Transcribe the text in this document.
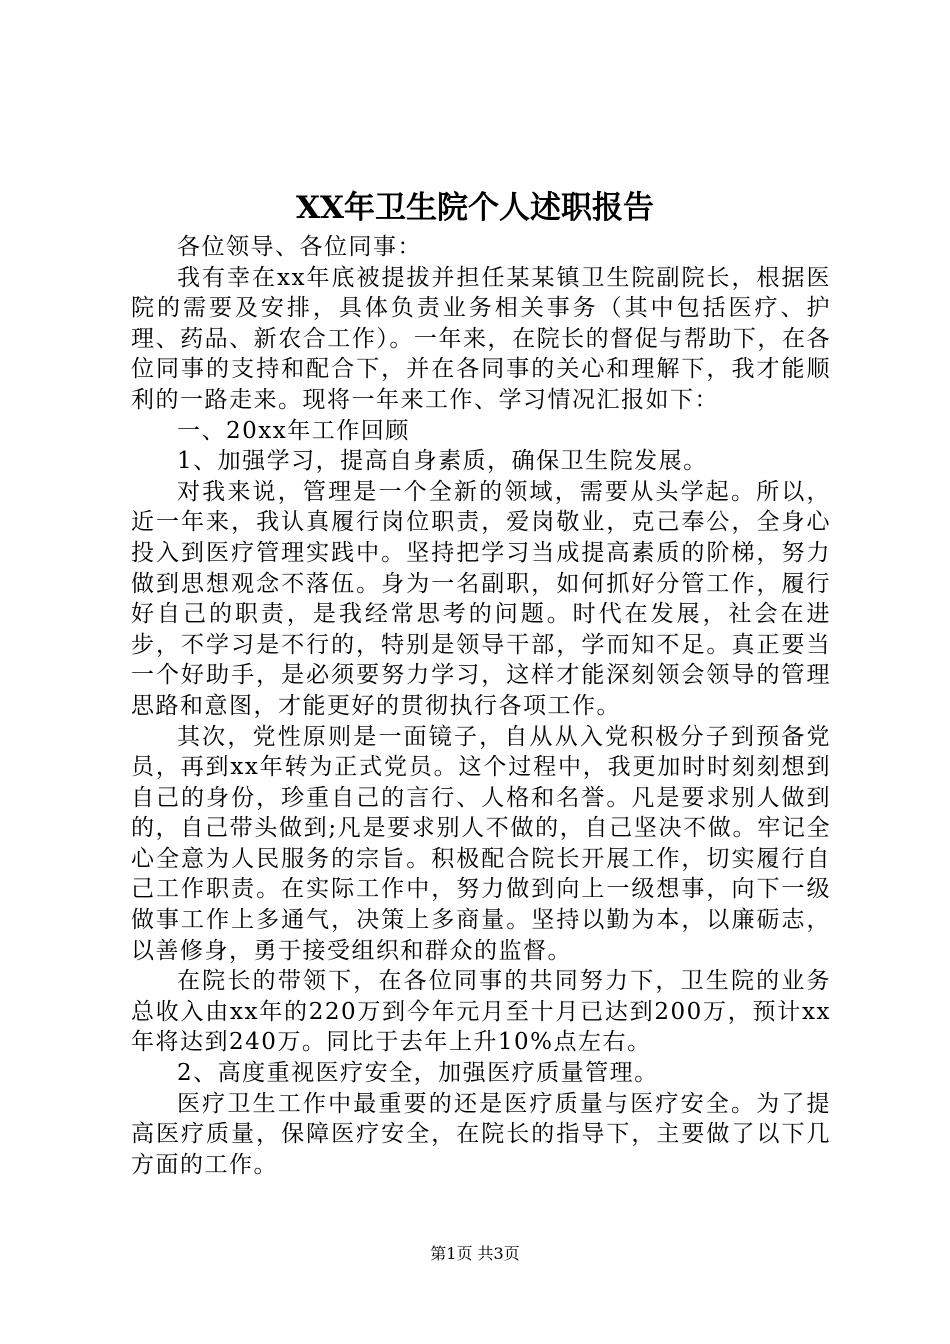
XX年卫生院个人述职报告

各位领导、各位同事：

我有幸在xx年底被提拔并担任某某镇卫生院副院长，根据医院的需要及安排，具体负责业务相关事务（其中包括医疗、护理、药品、新农合工作）。一年来，在院长的督促与帮助下，在各位同事的支持和配合下，并在各同事的关心和理解下，我才能顺利的一路走来。现将一年来工作、学习情况汇报如下：

一、20xx年工作回顾

1、加强学习，提高自身素质，确保卫生院发展。

对我来说，管理是一个全新的领域，需要从头学起。所以，近一年来，我认真履行岗位职责，爱岗敬业，克己奉公，全身心投入到医疗管理实践中。坚持把学习当成提高素质的阶梯，努力做到思想观念不落伍。身为一名副职，如何抓好分管工作，履行好自己的职责，是我经常思考的问题。时代在发展，社会在进步，不学习是不行的，特别是领导干部，学而知不足。真正要当一个好助手，是必须要努力学习，这样才能深刻领会领导的管理思路和意图，才能更好的贯彻执行各项工作。

其次，党性原则是一面镜子，自从从入党积极分子到预备党员，再到xx年转为正式党员。这个过程中，我更加时时刻刻想到自己的身份，珍重自己的言行、人格和名誉。凡是要求别人做到的，自己带头做到;凡是要求别人不做的，自己坚决不做。牢记全心全意为人民服务的宗旨。积极配合院长开展工作，切实履行自己工作职责。在实际工作中，努力做到向上一级想事，向下一级做事工作上多通气，决策上多商量。坚持以勤为本，以廉砺志，以善修身，勇于接受组织和群众的监督。

在院长的带领下，在各位同事的共同努力下，卫生院的业务总收入由xx年的220万到今年元月至十月已达到200万，预计xx年将达到240万。同比于去年上升10%点左右。

2、高度重视医疗安全，加强医疗质量管理。

医疗卫生工作中最重要的还是医疗质量与医疗安全。为了提高医疗质量，保障医疗安全，在院长的指导下，主要做了以下几方面的工作。

第1页 共3页
